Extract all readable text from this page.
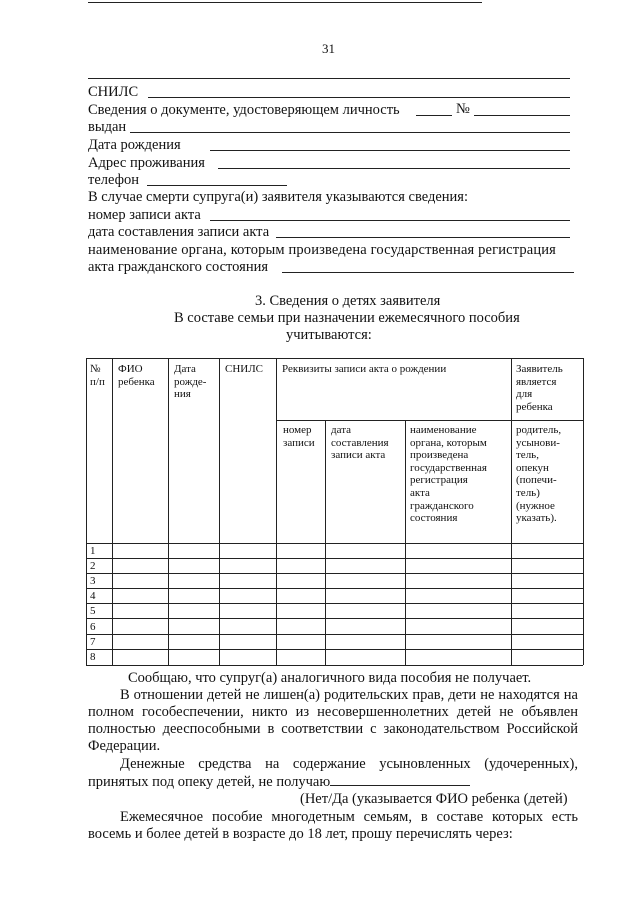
31
СНИЛС
Сведения о документе, удостоверяющем личность	№
выдан
Дата рождения
Адрес проживания
телефон
В случае смерти супруга(и) заявителя указываются сведения:
номер записи акта
дата составления записи акта
наименование органа, которым произведена государственная регистрация
акта гражданского состояния
3. Сведения о детях заявителя
В составе семьи при назначении ежемесячного пособия
учитываются:
№
п/п
ФИО
ребенка
Дата
рожде-
ния
СНИЛС Реквизиты записи акта о рождении	Заявитель
является
для
ребенка
номер
записи
дата
составления
записи акта
наименование
органа, которым
произведена
государственная
регистрация
акта
гражданского
состояния
родитель,
усынови-
тель,
опекун
(попечи-
тель)
(нужное
указать).
1
2
3
4
5
6
7
8
Сообщаю, что супруг(а) аналогичного вида пособия не получает.
В отношении детей не лишен(а) родительских прав, дети не находятся на полном гособеспечении, никто из несовершеннолетних детей не объявлен полностью дееспособными в соответствии с законодательством Российской Федерации.
Денежные средства на содержание усыновленных (удочеренных), принятых под опеку детей, не получаю
(Нет/Да (указывается ФИО ребенка (детей)
Ежемесячное пособие многодетным семьям, в составе которых есть восемь и более детей в возрасте до 18 лет, прошу перечислять через:
